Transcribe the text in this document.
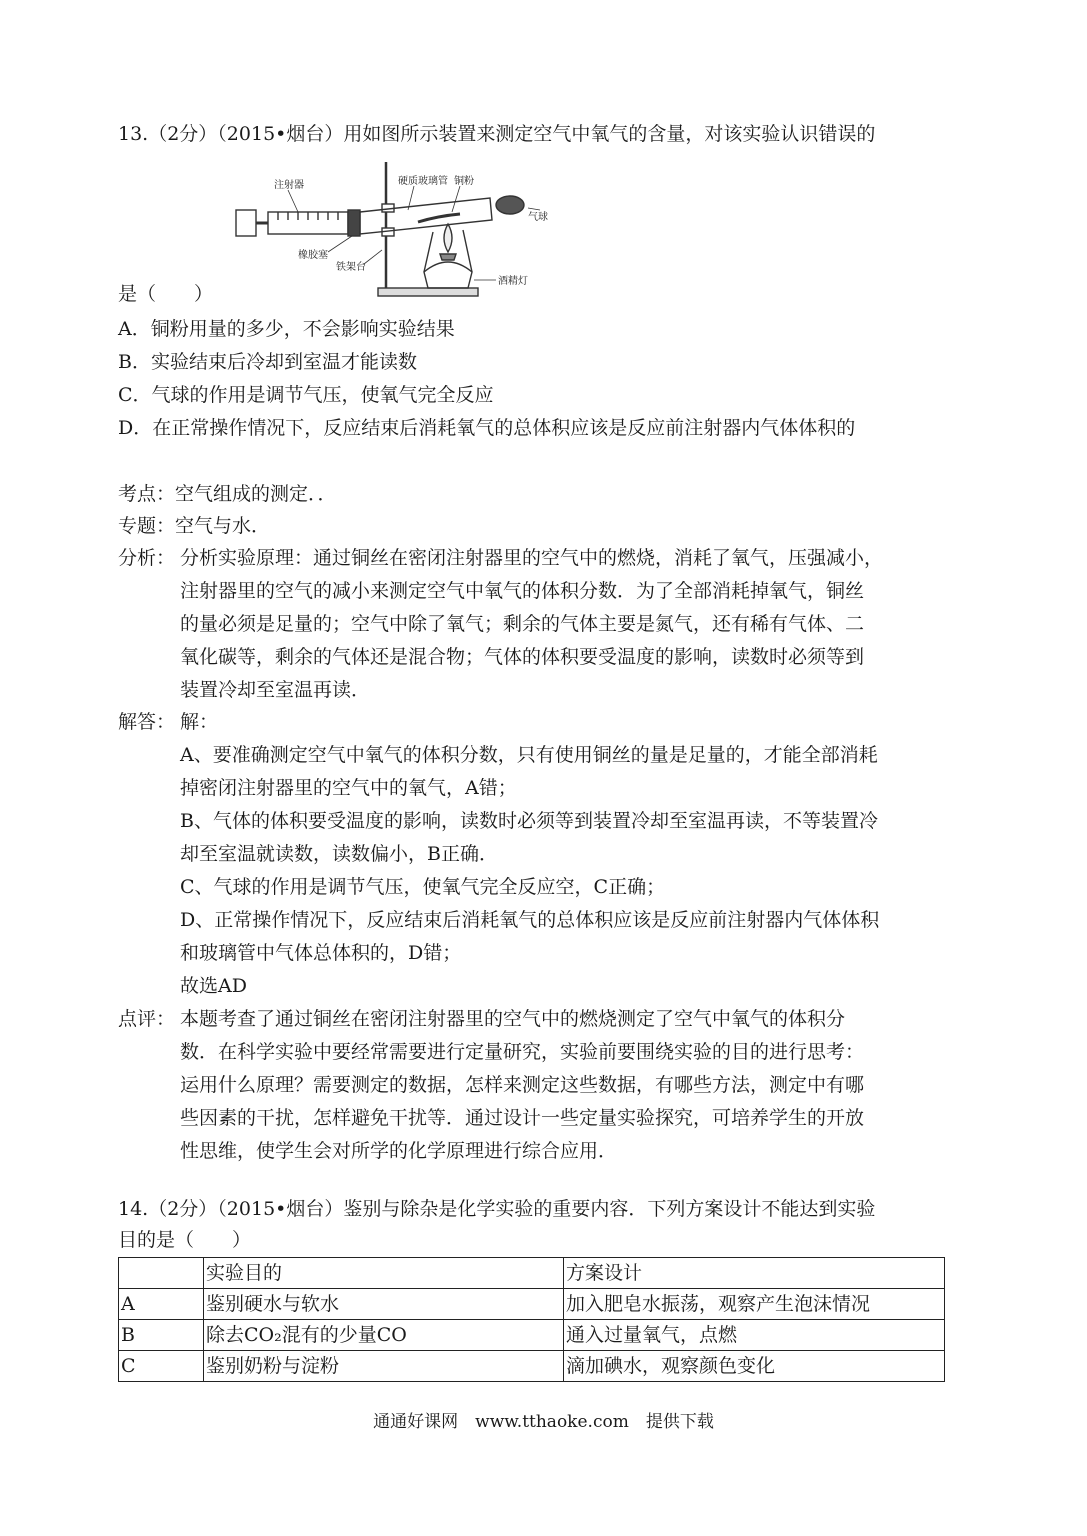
13.（2分）（2015•烟台）用如图所示装置来测定空气中氧气的含量，对该实验认识错误的
注射器	硬质玻璃管 铜粉
气球
橡胶塞
铁架台
酒精灯
是（　　）
A．铜粉用量的多少，不会影响实验结果
B．实验结束后冷却到室温才能读数
C．气球的作用是调节气压，使氧气完全反应
D．在正常操作情况下，反应结束后消耗氧气的总体积应该是反应前注射器内气体体积的
考点：空气组成的测定．．
专题：空气与水．
分析： 分析实验原理：通过铜丝在密闭注射器里的空气中的燃烧，消耗了氧气，压强减小，
注射器里的空气的减小来测定空气中氧气的体积分数．为了全部消耗掉氧气，铜丝
的量必须是足量的；空气中除了氧气；剩余的气体主要是氮气，还有稀有气体、二
氧化碳等，剩余的气体还是混合物；气体的体积要受温度的影响，读数时必须等到
装置冷却至室温再读．
解答： 解：
A、要准确测定空气中氧气的体积分数，只有使用铜丝的量是足量的，才能全部消耗
掉密闭注射器里的空气中的氧气，A错；
B、气体的体积要受温度的影响，读数时必须等到装置冷却至室温再读，不等装置冷
却至室温就读数，读数偏小，B正确．
C、气球的作用是调节气压，使氧气完全反应空，C正确；
D、正常操作情况下，反应结束后消耗氧气的总体积应该是反应前注射器内气体体积
和玻璃管中气体总体积的，D错；
故选AD
点评： 本题考查了通过铜丝在密闭注射器里的空气中的燃烧测定了空气中氧气的体积分
数．在科学实验中要经常需要进行定量研究，实验前要围绕实验的目的进行思考：
运用什么原理？需要测定的数据，怎样来测定这些数据，有哪些方法，测定中有哪
些因素的干扰，怎样避免干扰等．通过设计一些定量实验探究，可培养学生的开放
性思维，使学生会对所学的化学原理进行综合应用．
14.（2分）（2015•烟台）鉴别与除杂是化学实验的重要内容．下列方案设计不能达到实验
目的是（　　）
	实验目的	方案设计
A	鉴别硬水与软水	加入肥皂水振荡，观察产生泡沫情况
B	除去CO₂混有的少量CO	通入过量氧气，点燃
C	鉴别奶粉与淀粉	滴加碘水，观察颜色变化
通通好课网　www.tthaoke.com　提供下载
